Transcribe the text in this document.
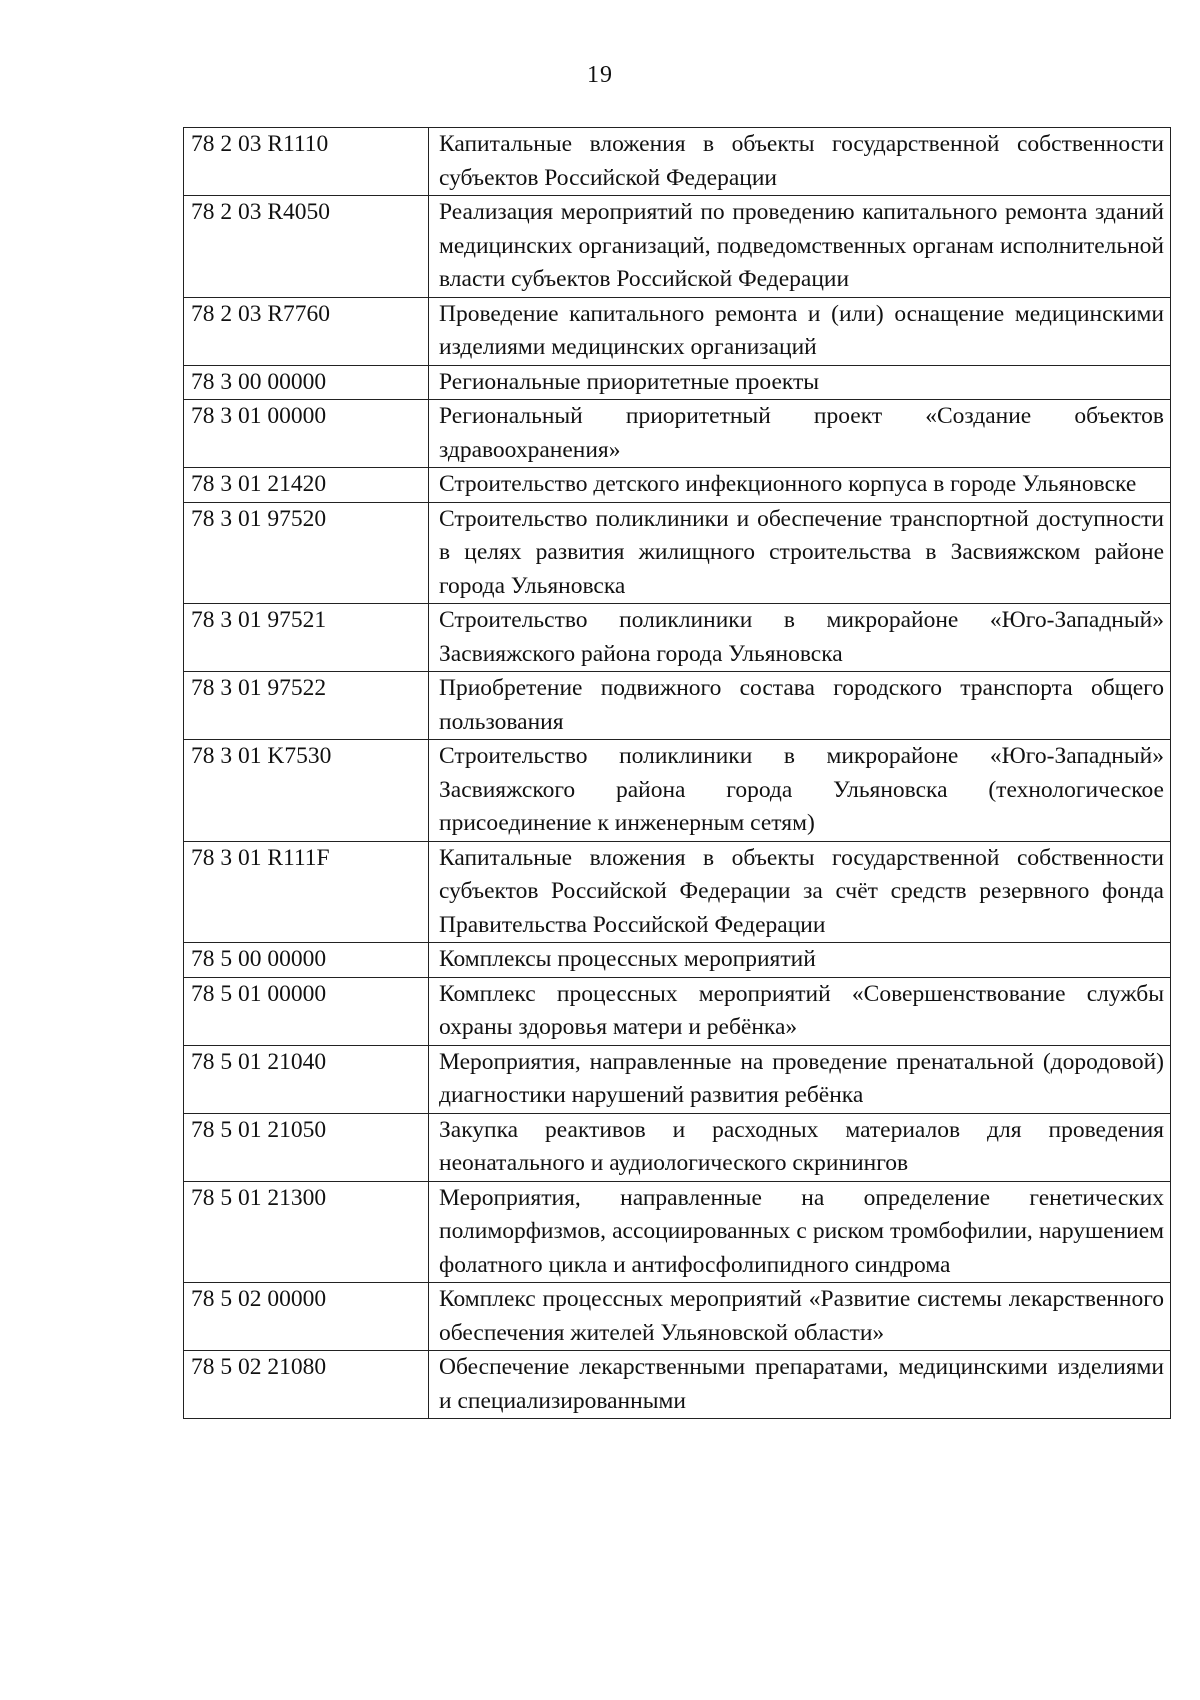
19
78 2 03 R1110	Капитальные вложения в объекты государственной собственности субъектов Российской Федерации
78 2 03 R4050	Реализация мероприятий по проведению капитального ремонта зданий медицинских организаций, подведомственных органам исполнительной власти субъектов Российской Федерации
78 2 03 R7760	Проведение капитального ремонта и (или) оснащение медицинскими изделиями медицинских организаций
78 3 00 00000	Региональные приоритетные проекты
78 3 01 00000	Региональный приоритетный проект «Создание объектов здравоохранения»
78 3 01 21420	Строительство детского инфекционного корпуса в городе Ульяновске
78 3 01 97520	Строительство поликлиники и обеспечение транспортной доступности в целях развития жилищного строительства в Засвияжском районе города Ульяновска
78 3 01 97521	Строительство поликлиники в микрорайоне «Юго-Западный» Засвияжского района города Ульяновска
78 3 01 97522	Приобретение подвижного состава городского транспорта общего пользования
78 3 01 K7530	Строительство поликлиники в микрорайоне «Юго-Западный» Засвияжского района города Ульяновска (технологическое присоединение к инженерным сетям)
78 3 01 R111F	Капитальные вложения в объекты государственной собственности субъектов Российской Федерации за счёт средств резервного фонда Правительства Российской Федерации
78 5 00 00000	Комплексы процессных мероприятий
78 5 01 00000	Комплекс процессных мероприятий «Совершенствование службы охраны здоровья матери и ребёнка»
78 5 01 21040	Мероприятия, направленные на проведение пренатальной (дородовой) диагностики нарушений развития ребёнка
78 5 01 21050	Закупка реактивов и расходных материалов для проведения неонатального и аудиологического скринингов
78 5 01 21300	Мероприятия, направленные на определение генетических полиморфизмов, ассоциированных с риском тромбофилии, нарушением фолатного цикла и антифосфолипидного синдрома
78 5 02 00000	Комплекс процессных мероприятий «Развитие системы лекарственного обеспечения жителей Ульяновской области»
78 5 02 21080	Обеспечение лекарственными препаратами, медицинскими изделиями и специализированными
